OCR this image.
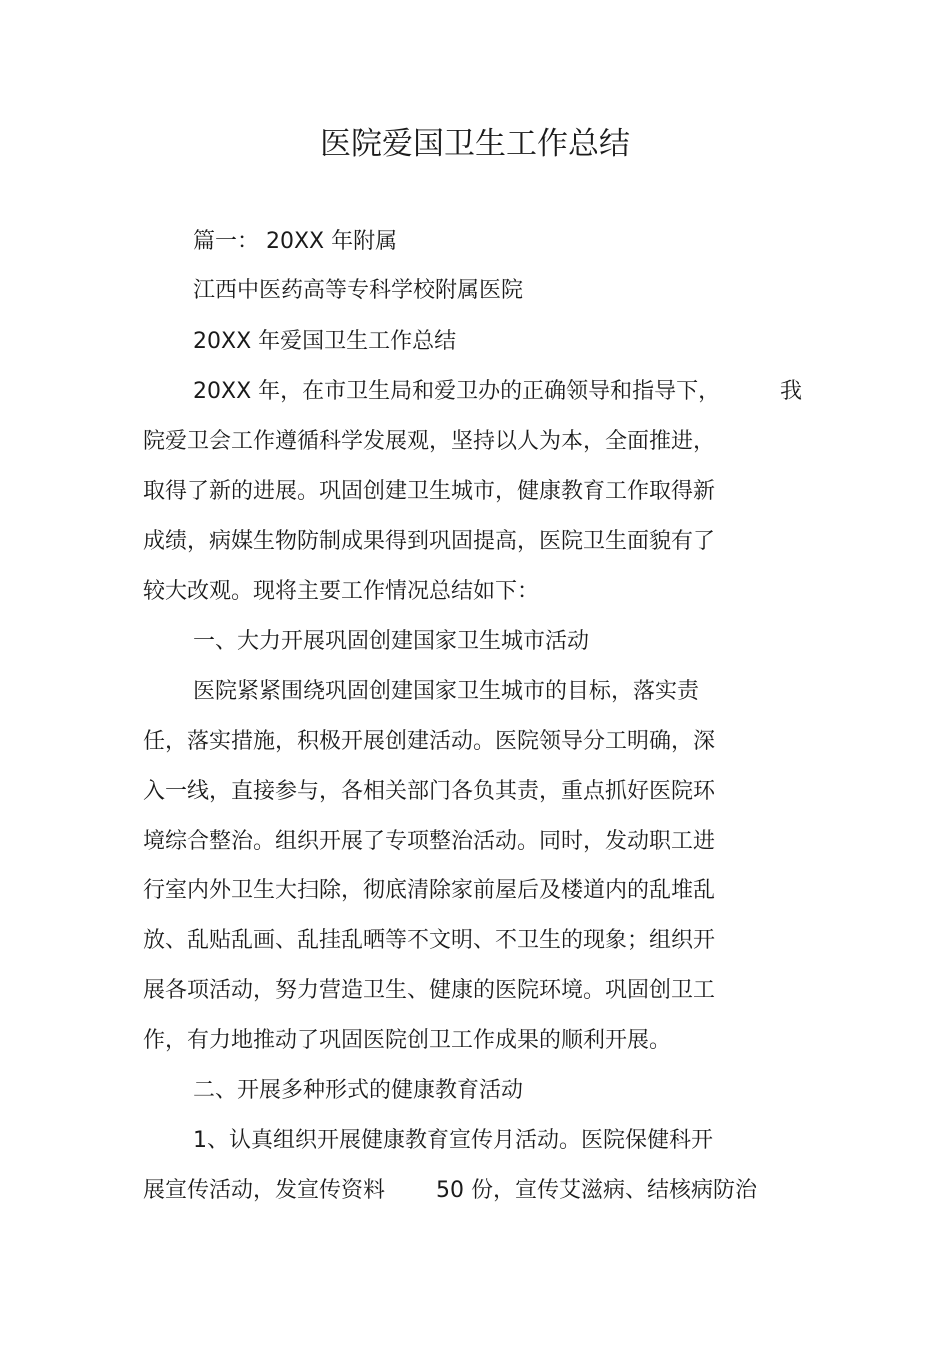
医院爱国卫生工作总结
篇一： 20XX 年附属
江西中医药高等专科学校附属医院
20XX 年爱国卫生工作总结
20XX 年，在市卫生局和爱卫办的正确领导和指导下，	我
院爱卫会工作遵循科学发展观，坚持以人为本，全面推进，
取得了新的进展。巩固创建卫生城市，健康教育工作取得新
成绩，病媒生物防制成果得到巩固提高，医院卫生面貌有了
较大改观。现将主要工作情况总结如下：
一、大力开展巩固创建国家卫生城市活动
医院紧紧围绕巩固创建国家卫生城市的目标，落实责
任，落实措施，积极开展创建活动。医院领导分工明确，深
入一线，直接参与，各相关部门各负其责，重点抓好医院环
境综合整治。组织开展了专项整治活动。同时，发动职工进
行室内外卫生大扫除，彻底清除家前屋后及楼道内的乱堆乱
放、乱贴乱画、乱挂乱晒等不文明、不卫生的现象；组织开
展各项活动，努力营造卫生、健康的医院环境。巩固创卫工
作，有力地推动了巩固医院创卫工作成果的顺利开展。
二、开展多种形式的健康教育活动
1、认真组织开展健康教育宣传月活动。医院保健科开
展宣传活动，发宣传资料 50 份，宣传艾滋病、结核病防治
